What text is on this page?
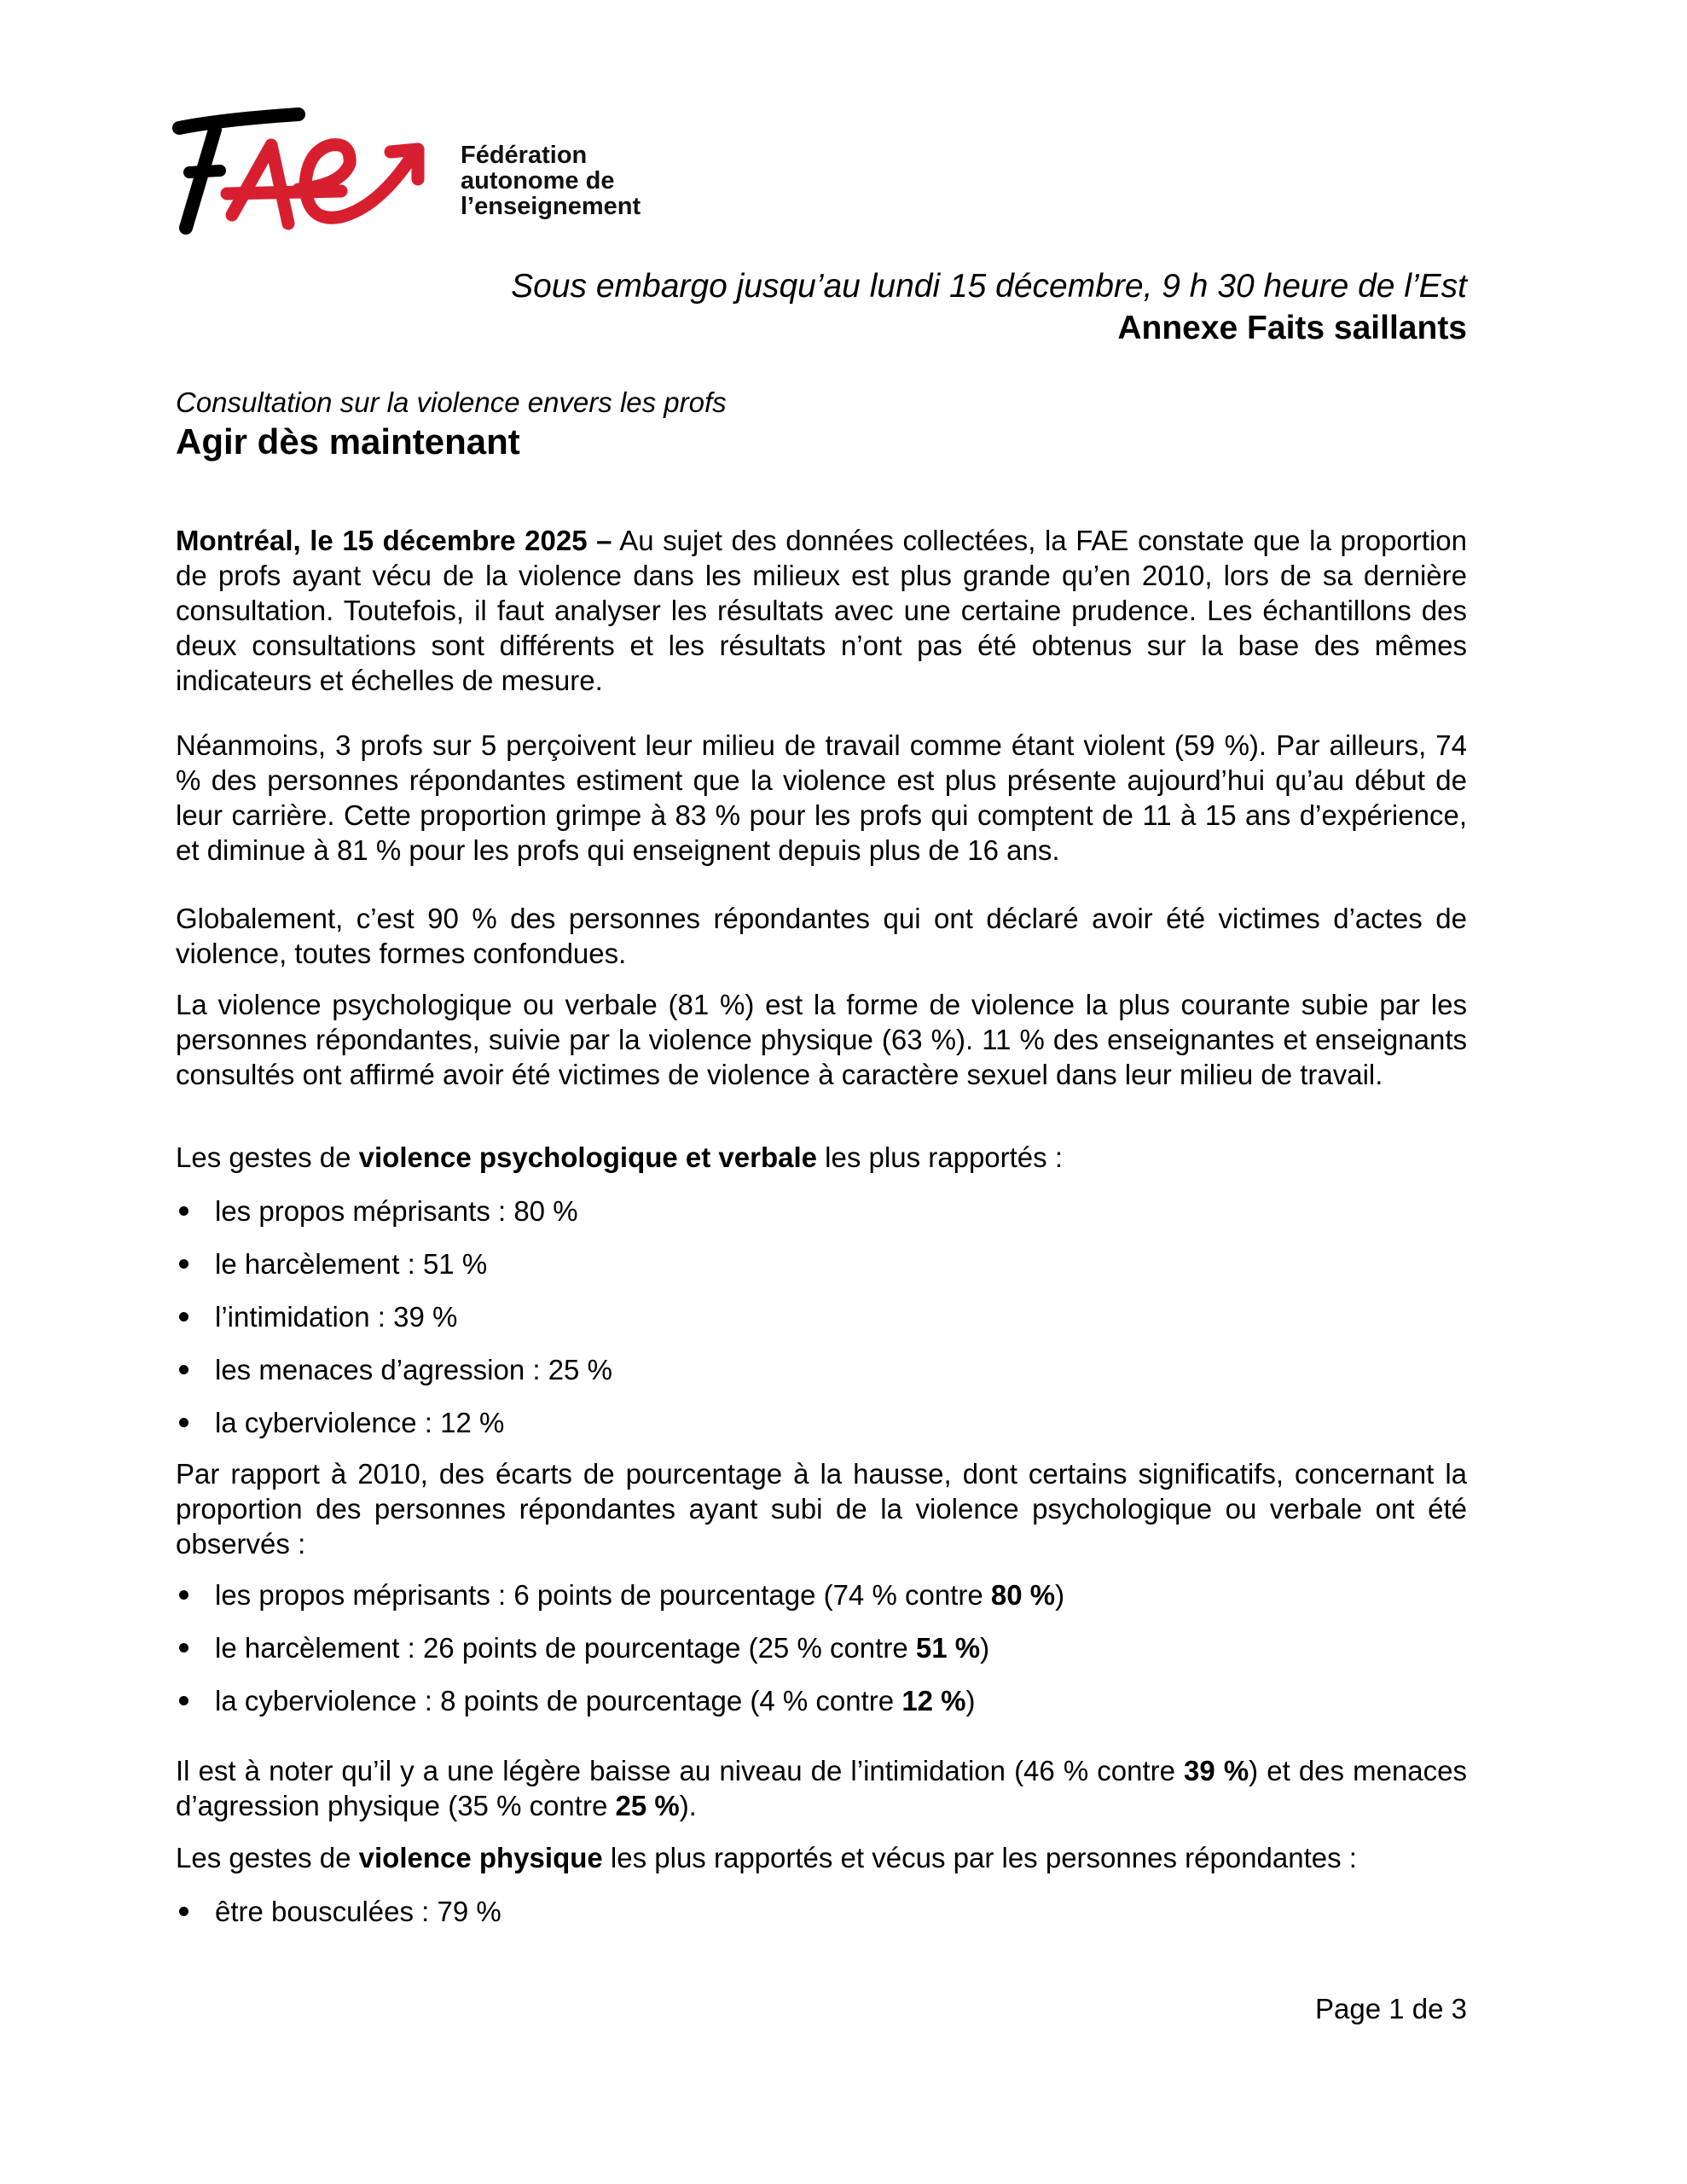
Fédération
autonome de
l’enseignement
Sous embargo jusqu’au lundi 15 décembre, 9 h 30 heure de l’Est
Annexe Faits saillants
Consultation sur la violence envers les profs
Agir dès maintenant
Montréal, le 15 décembre 2025 – Au sujet des données collectées, la FAE constate que la proportion de profs ayant vécu de la violence dans les milieux est plus grande qu’en 2010, lors de sa dernière consultation. Toutefois, il faut analyser les résultats avec une certaine prudence. Les échantillons des deux consultations sont différents et les résultats n’ont pas été obtenus sur la base des mêmes indicateurs et échelles de mesure.
Néanmoins, 3 profs sur 5 perçoivent leur milieu de travail comme étant violent (59 %). Par ailleurs, 74 % des personnes répondantes estiment que la violence est plus présente aujourd’hui qu’au début de leur carrière. Cette proportion grimpe à 83 % pour les profs qui comptent de 11 à 15 ans d’expérience, et diminue à 81 % pour les profs qui enseignent depuis plus de 16 ans.
Globalement, c’est 90 % des personnes répondantes qui ont déclaré avoir été victimes d’actes de violence, toutes formes confondues.
La violence psychologique ou verbale (81 %) est la forme de violence la plus courante subie par les personnes répondantes, suivie par la violence physique (63 %). 11 % des enseignantes et enseignants consultés ont affirmé avoir été victimes de violence à caractère sexuel dans leur milieu de travail.
Les gestes de violence psychologique et verbale les plus rapportés :
les propos méprisants : 80 %
le harcèlement : 51 %
l’intimidation : 39 %
les menaces d’agression : 25 %
la cyberviolence : 12 %
Par rapport à 2010, des écarts de pourcentage à la hausse, dont certains significatifs, concernant la proportion des personnes répondantes ayant subi de la violence psychologique ou verbale ont été observés :
les propos méprisants : 6 points de pourcentage (74 % contre 80 %)
le harcèlement : 26 points de pourcentage (25 % contre 51 %)
la cyberviolence : 8 points de pourcentage (4 % contre 12 %)
Il est à noter qu’il y a une légère baisse au niveau de l’intimidation (46 % contre 39 %) et des menaces d’agression physique (35 % contre 25 %).
Les gestes de violence physique les plus rapportés et vécus par les personnes répondantes :
être bousculées : 79 %
Page 1 de 3
